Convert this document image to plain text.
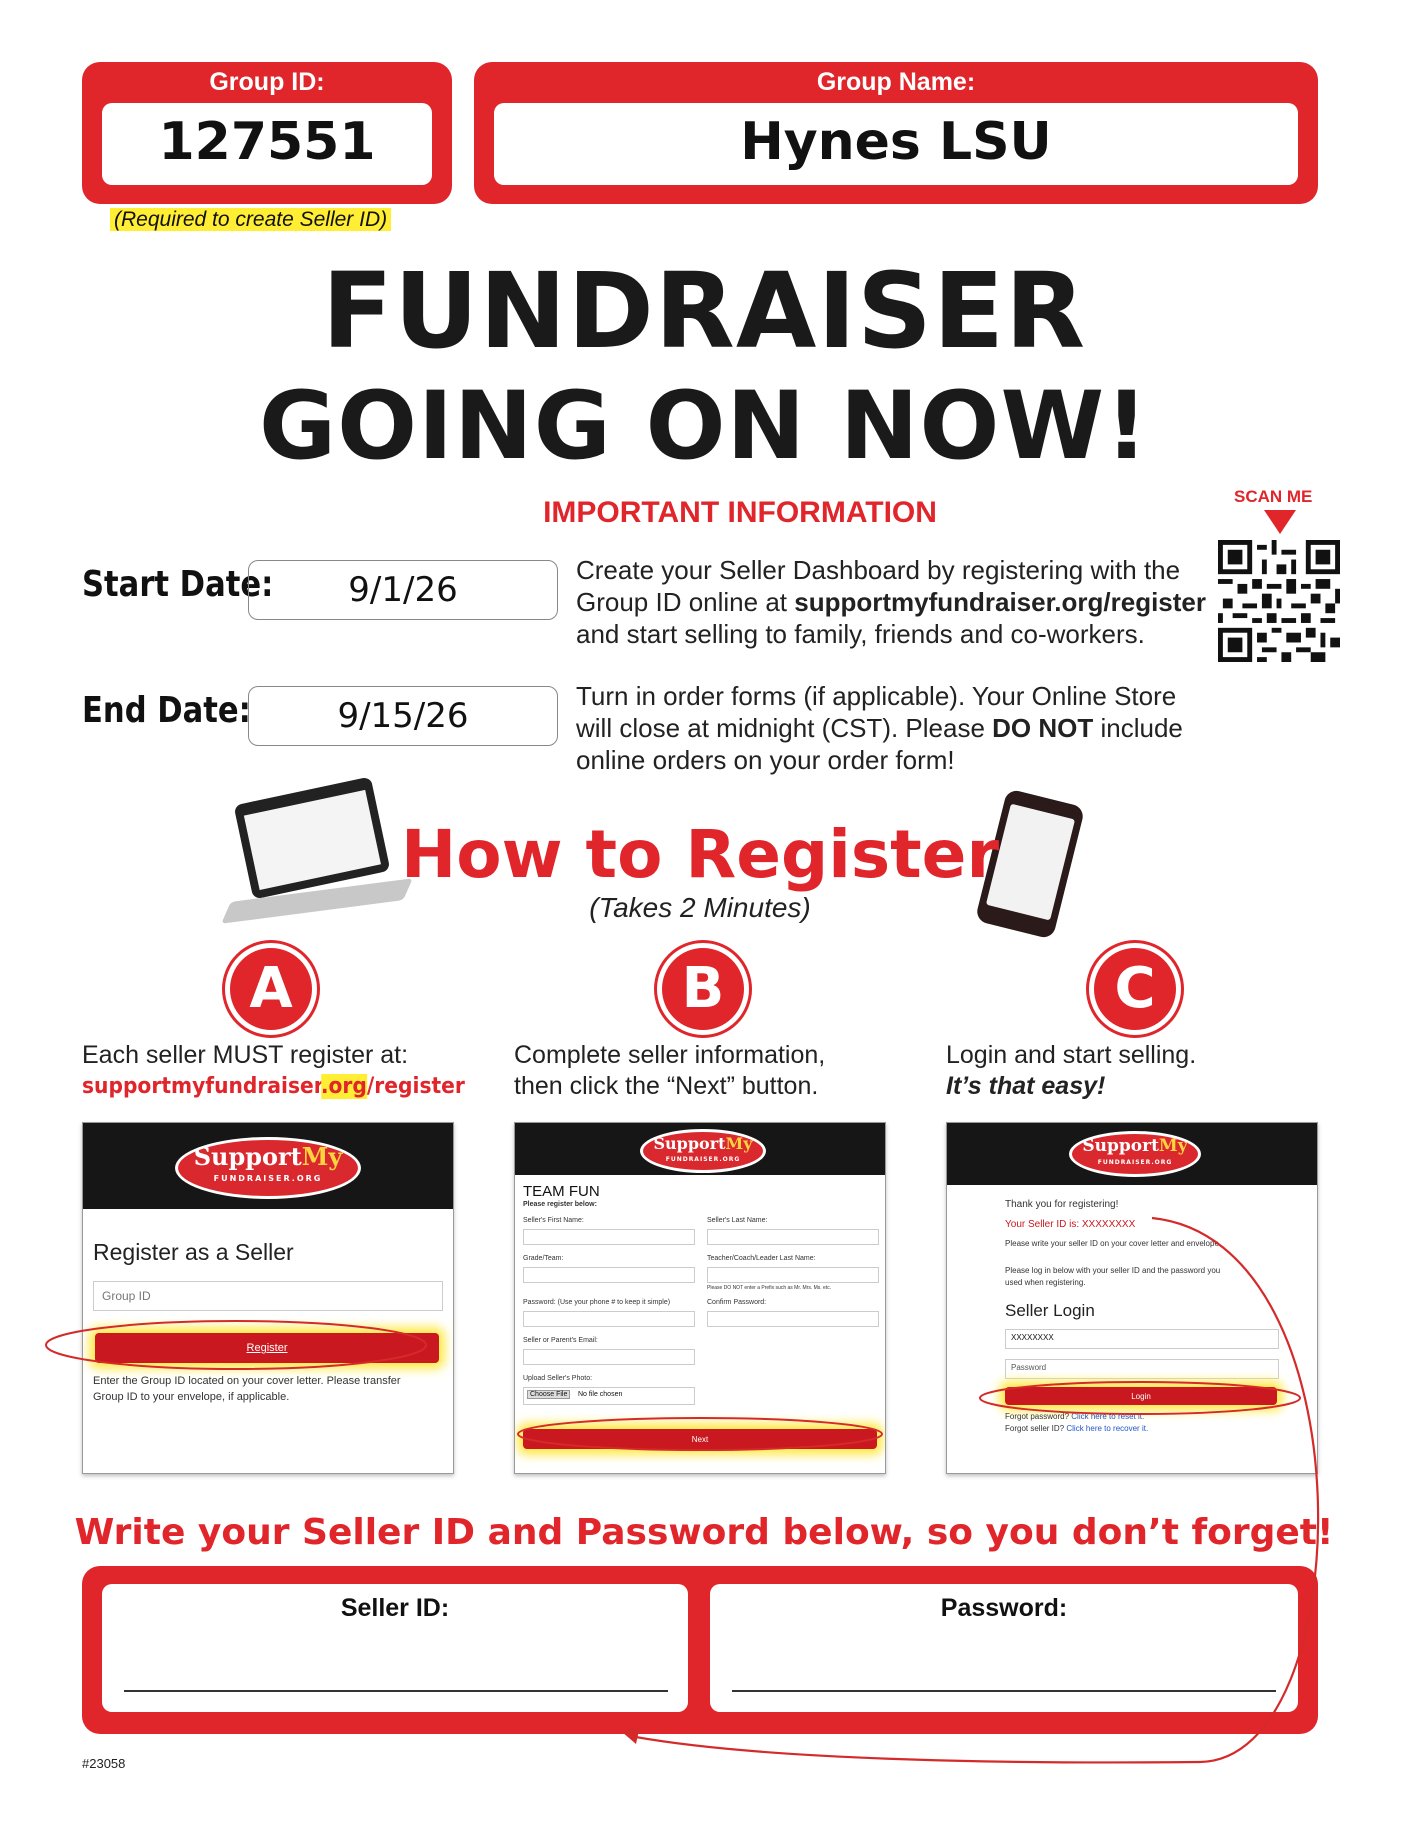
Group ID:
127551
(Required to create Seller ID)
Group Name:
Hynes LSU
FUNDRAISER
GOING ON NOW!
IMPORTANT INFORMATION	SCAN ME
Start Date:	9/1/26	Create your Seller Dashboard by registering with the
Group ID online at supportmyfundraiser.org/register
and start selling to family, friends and co-workers.
End Date:	9/15/26	Turn in order forms (if applicable). Your Online Store
will close at midnight (CST). Please DO NOT include
online orders on your order form!
How to Register
(Takes 2 Minutes)
A	B	C
Each seller MUST register at:
supportmyfundraiser.org/register
Complete seller information,
then click the “Next” button.
Login and start selling.
It’s that easy!
SupportMy
FUNDRAISER.ORG
Register as a Seller
Group ID
Register
Enter the Group ID located on your cover letter. Please transfer
Group ID to your envelope, if applicable.
SupportMy
FUNDRAISER.ORG
TEAM FUN
Please register below:
Seller's First Name:	Seller's Last Name:
Grade/Team:	Teacher/Coach/Leader Last Name:
Please DO NOT enter a Prefix such as Mr. Mrs. Ms. etc.
Password: (Use your phone # to keep it simple)	Confirm Password:
Seller or Parent's Email:
Upload Seller's Photo:
Choose File	No file chosen
Next
SupportMy
FUNDRAISER.ORG
Thank you for registering!
Your Seller ID is: XXXXXXXX
Please write your seller ID on your cover letter and envelope.
Please log in below with your seller ID and the password you
used when registering.
Seller Login
XXXXXXXX
Password
Login
Forgot password? Click here to reset it.
Forgot seller ID? Click here to recover it.
Write your Seller ID and Password below, so you don’t forget!
Seller ID:	Password:
#23058
